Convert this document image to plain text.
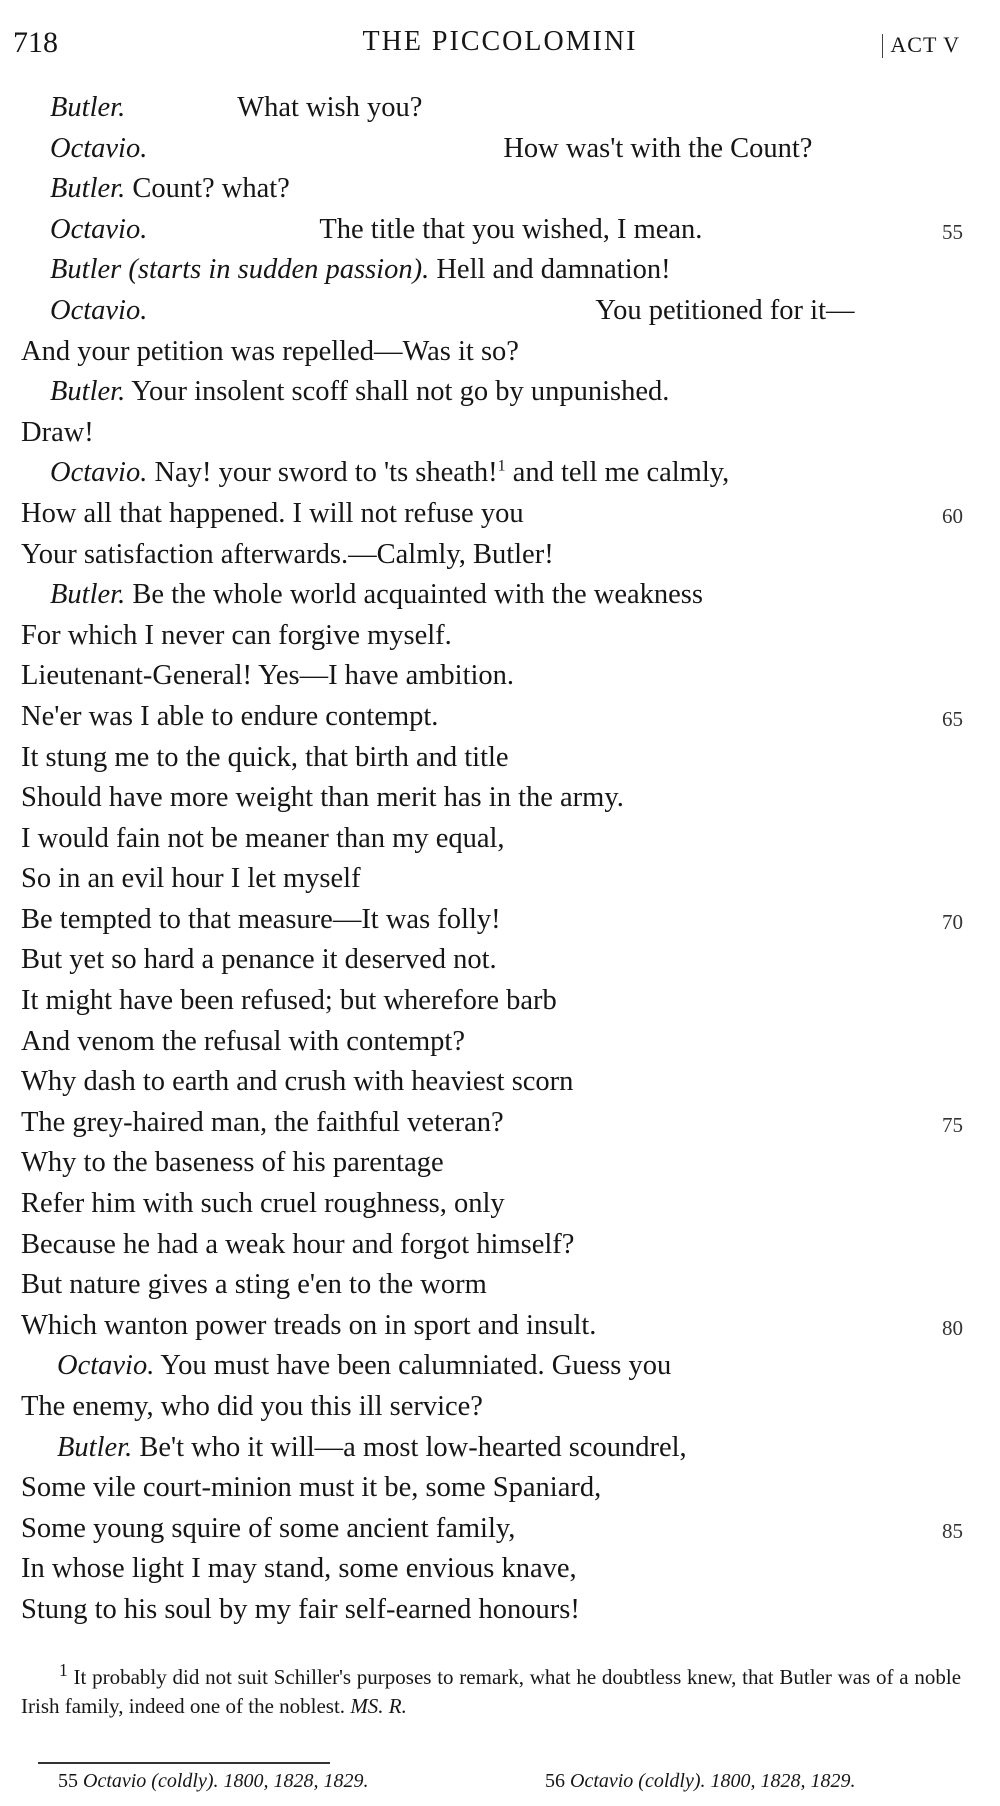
718	THE PICCOLOMINI	ACT V
Butler.	What wish you?
Octavio.	How was't with the Count?
Butler. Count? what?
Octavio.	The title that you wished, I mean.	55
Butler (starts in sudden passion). Hell and damnation!
Octavio.	You petitioned for it—
And your petition was repelled—Was it so?
Butler. Your insolent scoff shall not go by unpunished.
Draw!
Octavio. Nay! your sword to 'ts sheath!$^1$ and tell me calmly,
How all that happened. I will not refuse you	60
Your satisfaction afterwards.—Calmly, Butler!
Butler. Be the whole world acquainted with the weakness
For which I never can forgive myself.
Lieutenant-General! Yes—I have ambition.
Ne'er was I able to endure contempt.	65
It stung me to the quick, that birth and title
Should have more weight than merit has in the army.
I would fain not be meaner than my equal,
So in an evil hour I let myself
Be tempted to that measure—It was folly!	70
But yet so hard a penance it deserved not.
It might have been refused; but wherefore barb
And venom the refusal with contempt?
Why dash to earth and crush with heaviest scorn
The grey-haired man, the faithful veteran?	75
Why to the baseness of his parentage
Refer him with such cruel roughness, only
Because he had a weak hour and forgot himself?
But nature gives a sting e'en to the worm
Which wanton power treads on in sport and insult.	80
Octavio. You must have been calumniated. Guess you
The enemy, who did you this ill service?
Butler. Be't who it will—a most low-hearted scoundrel,
Some vile court-minion must it be, some Spaniard,
Some young squire of some ancient family,	85
In whose light I may stand, some envious knave,
Stung to his soul by my fair self-earned honours!
$^1$ It probably did not suit Schiller's purposes to remark, what he doubtless knew, that Butler was of a noble Irish family, indeed one of the noblest. MS. R.
55 Octavio (coldly). 1800, 1828, 1829.	56 Octavio (coldly). 1800, 1828, 1829.
